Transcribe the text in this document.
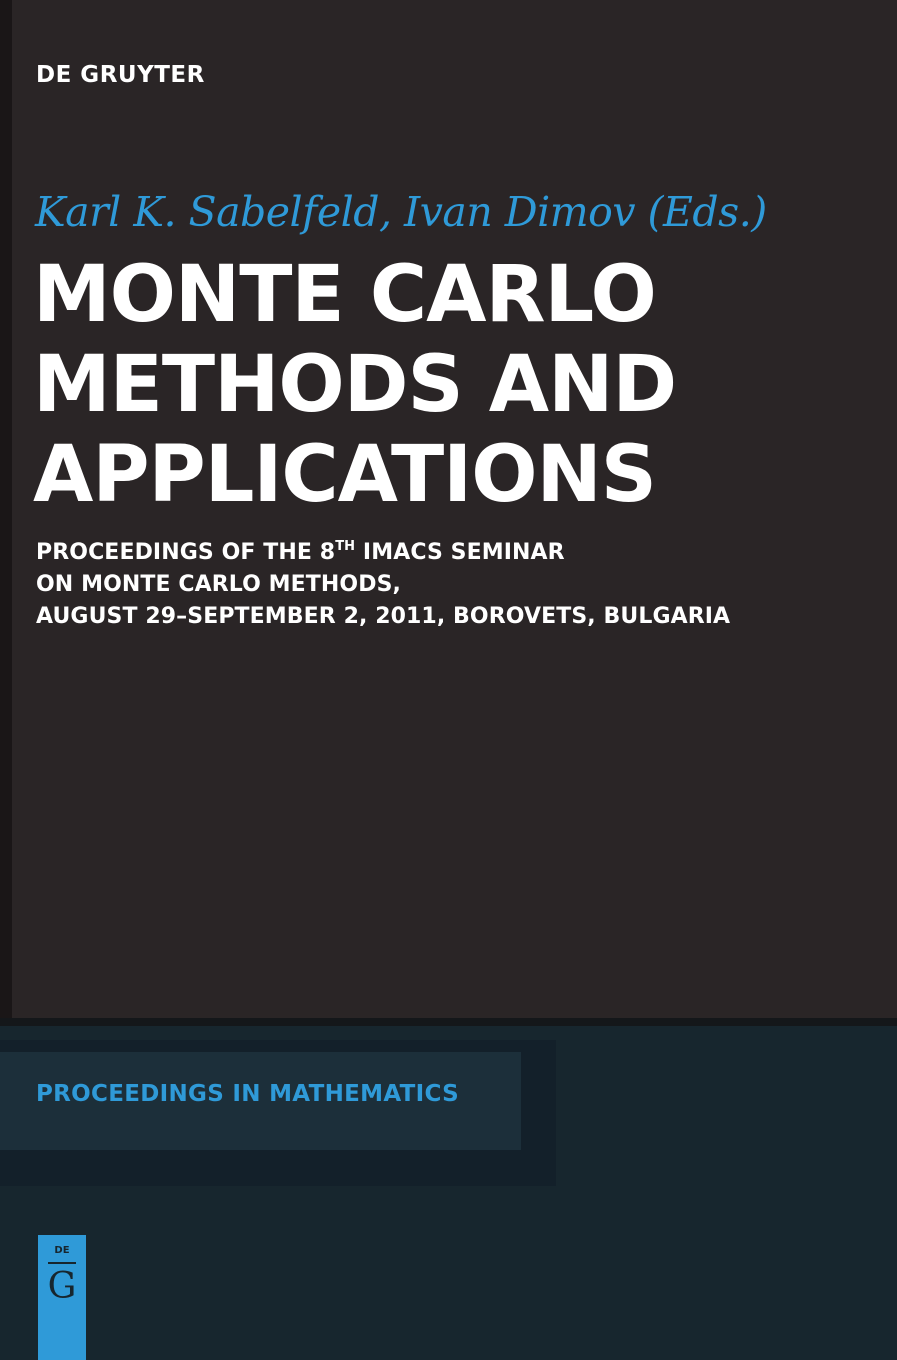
DE GRUYTER
Karl K. Sabelfeld, Ivan Dimov (Eds.)
MONTE CARLO
METHODS AND
APPLICATIONS
PROCEEDINGS OF THE 8TH IMACS SEMINAR
ON MONTE CARLO METHODS,
AUGUST 29–SEPTEMBER 2, 2011, BOROVETS, BULGARIA
PROCEEDINGS IN MATHEMATICS
DE
G
